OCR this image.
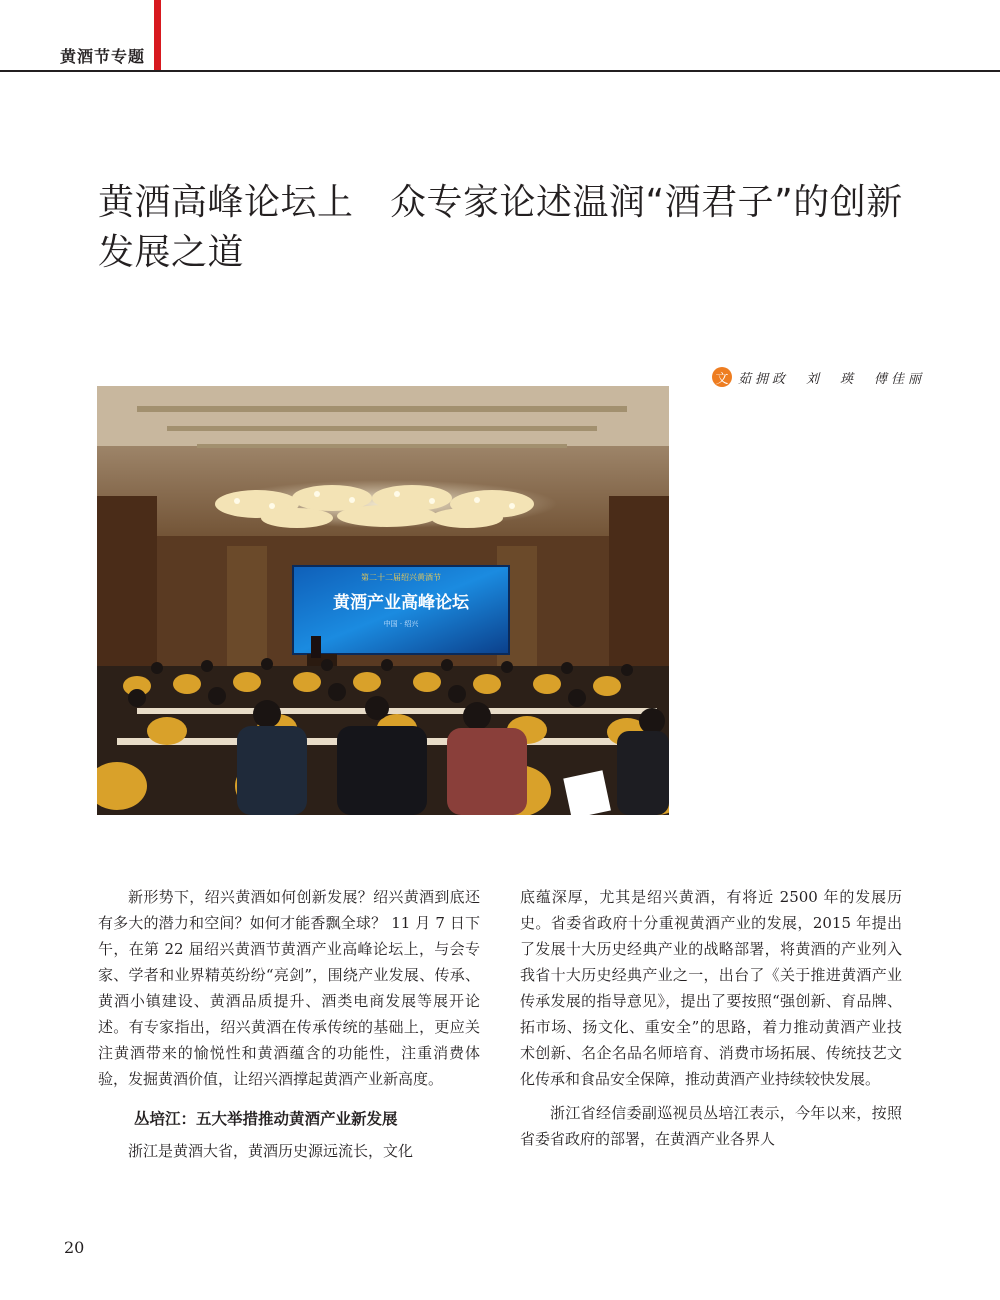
黄酒节专题
黄酒高峰论坛上　众专家论述温润“酒君子”的创新
发展之道
文 茹拥政　刘　瑛　傅佳丽
第二十二届绍兴黄酒节
黄酒产业高峰论坛
中国 · 绍兴

新形势下，绍兴黄酒如何创新发展？绍兴黄酒到底还有多大的潜力和空间？如何才能香飘全球？ 11 月 7 日下午，在第 22 届绍兴黄酒节黄酒产业高峰论坛上，与会专家、学者和业界精英纷纷“亮剑”，围绕产业发展、传承、黄酒小镇建设、黄酒品质提升、酒类电商发展等展开论述。有专家指出，绍兴黄酒在传承传统的基础上，更应关注黄酒带来的愉悦性和黄酒蕴含的功能性，注重消费体验，发掘黄酒价值，让绍兴酒撑起黄酒产业新高度。

丛培江：五大举措推动黄酒产业新发展

浙江是黄酒大省，黄酒历史源远流长，文化

底蕴深厚，尤其是绍兴黄酒，有将近 2500 年的发展历史。省委省政府十分重视黄酒产业的发展，2015 年提出了发展十大历史经典产业的战略部署，将黄酒的产业列入我省十大历史经典产业之一，出台了《关于推进黄酒产业传承发展的指导意见》，提出了要按照“强创新、育品牌、拓市场、扬文化、重安全”的思路，着力推动黄酒产业技术创新、名企名品名师培育、消费市场拓展、传统技艺文化传承和食品安全保障，推动黄酒产业持续较快发展。

浙江省经信委副巡视员丛培江表示，今年以来，按照省委省政府的部署，在黄酒产业各界人

20
